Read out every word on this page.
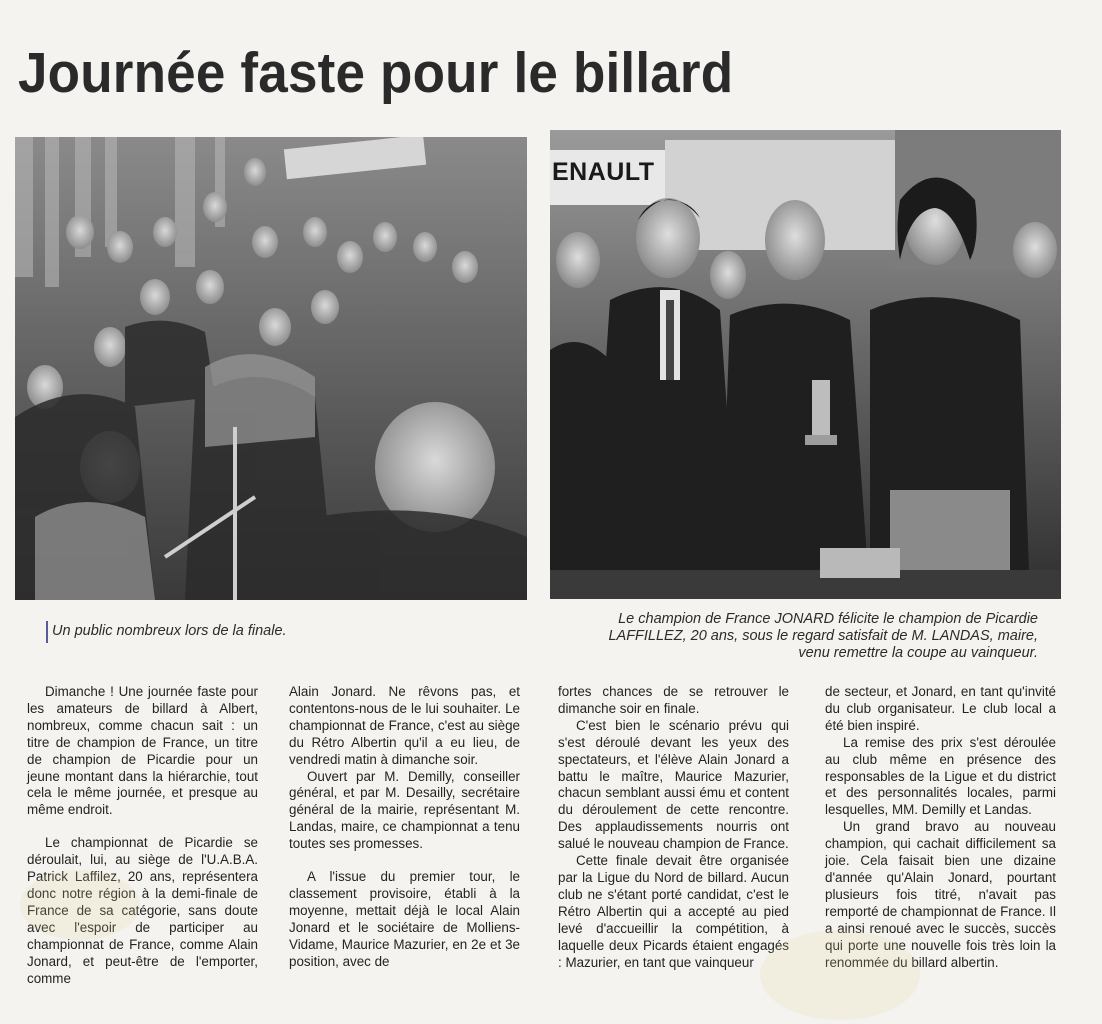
Journée faste pour le billard
ENAULT
Un public nombreux lors de la finale.
Le champion de France JONARD félicite le champion de Picardie LAFFILLEZ, 20 ans, sous le regard satisfait de M. LANDAS, maire, venu remettre la coupe au vainqueur.

Dimanche ! Une journée faste pour les amateurs de billard à Albert, nombreux, comme chacun sait : un titre de champion de France, un titre de champion de Picardie pour un jeune montant dans la hiérarchie, tout cela le même journée, et presque au même endroit.

Le championnat de Picardie se déroulait, lui, au siège de l'U.A.B.A. Patrick Laffilez, 20 ans, représentera donc notre région à la demi-finale de France de sa catégorie, sans doute avec l'espoir de participer au championnat de France, comme Alain Jonard, et peut-être de l'emporter, comme

Alain Jonard. Ne rêvons pas, et contentons-nous de le lui souhaiter. Le championnat de France, c'est au siège du Rétro Albertin qu'il a eu lieu, de vendredi matin à dimanche soir.

Ouvert par M. Demilly, conseiller général, et par M. Desailly, secrétaire général de la mairie, représentant M. Landas, maire, ce championnat a tenu toutes ses promesses.

A l'issue du premier tour, le classement provisoire, établi à la moyenne, mettait déjà le local Alain Jonard et le sociétaire de Molliens-Vidame, Maurice Mazurier, en 2e et 3e position, avec de

fortes chances de se retrouver le dimanche soir en finale.

C'est bien le scénario prévu qui s'est déroulé devant les yeux des spectateurs, et l'élève Alain Jonard a battu le maître, Maurice Mazurier, chacun semblant aussi ému et content du déroulement de cette rencontre. Des applaudissements nourris ont salué le nouveau champion de France.

Cette finale devait être organisée par la Ligue du Nord de billard. Aucun club ne s'étant porté candidat, c'est le Rétro Albertin qui a accepté au pied levé d'accueillir la compétition, à laquelle deux Picards étaient engagés : Mazurier, en tant que vainqueur

de secteur, et Jonard, en tant qu'invité du club organisateur. Le club local a été bien inspiré.

La remise des prix s'est déroulée au club même en présence des responsables de la Ligue et du district et des personnalités locales, parmi lesquelles, MM. Demilly et Landas.

Un grand bravo au nouveau champion, qui cachait difficilement sa joie. Cela faisait bien une dizaine d'année qu'Alain Jonard, pourtant plusieurs fois titré, n'avait pas remporté de championnat de France. Il a ainsi renoué avec le succès, succès qui porte une nouvelle fois très loin la renommée du billard albertin.
